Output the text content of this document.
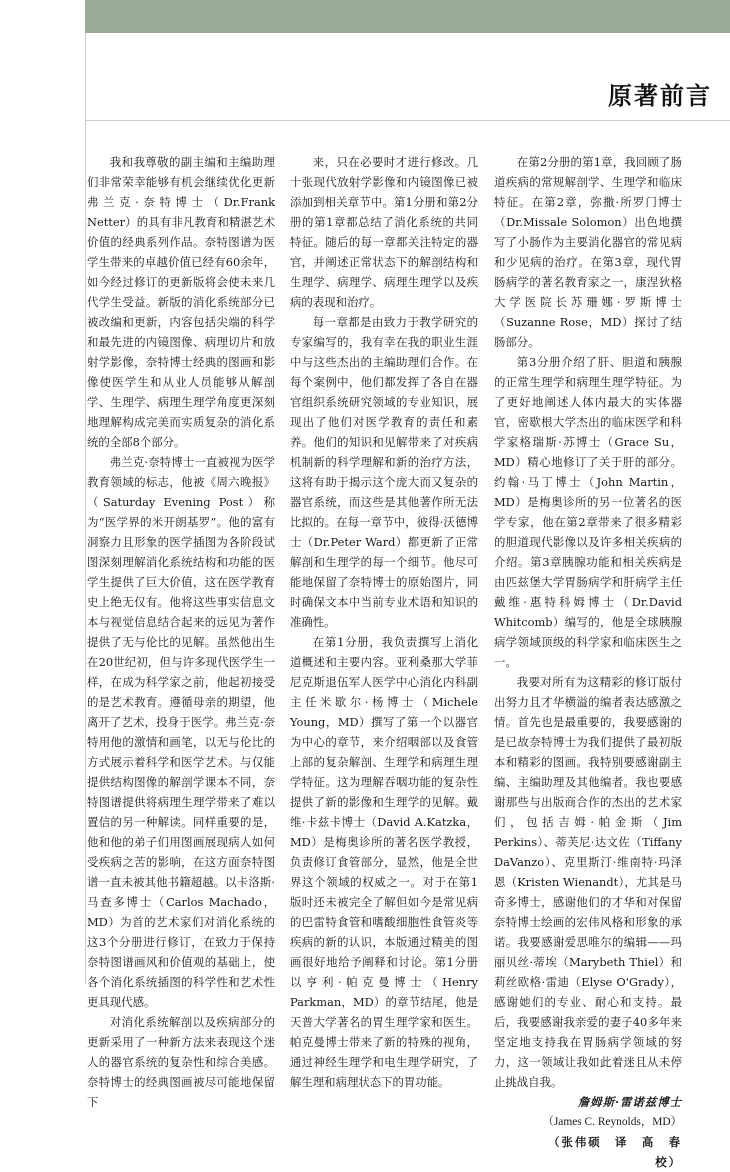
原著前言

我和我尊敬的副主编和主编助理们非常荣幸能够有机会继续优化更新弗兰克·奈特博士（Dr.Frank Netter）的具有非凡教育和精湛艺术价值的经典系列作品。奈特图谱为医学生带来的卓越价值已经有60余年，如今经过修订的更新版将会使未来几代学生受益。新版的消化系统部分已被改编和更新，内容包括尖端的科学和最先进的内镜图像、病理切片和放射学影像，奈特博士经典的图画和影像使医学生和从业人员能够从解剖学、生理学、病理生理学角度更深刻地理解构成完美而实质复杂的消化系统的全部8个部分。

弗兰克·奈特博士一直被视为医学教育领域的标志，他被《周六晚报》（Saturday Evening Post）称为“医学界的米开朗基罗”。他的富有洞察力且形象的医学插图为各阶段试图深刻理解消化系统结构和功能的医学生提供了巨大价值，这在医学教育史上绝无仅有。他将这些事实信息文本与视觉信息结合起来的远见为著作提供了无与伦比的见解。虽然他出生在20世纪初，但与许多现代医学生一样，在成为科学家之前，他起初接受的是艺术教育。遵循母亲的期望，他离开了艺术，投身于医学。弗兰克·奈特用他的激情和画笔，以无与伦比的方式展示着科学和医学艺术。与仅能提供结构图像的解剖学课本不同，奈特图谱提供将病理生理学带来了难以置信的另一种解读。同样重要的是，他和他的弟子们用图画展现病人如何受疾病之苦的影响，在这方面奈特图谱一直未被其他书籍超越。以卡洛斯·马查多博士（Carlos Machado，MD）为首的艺术家们对消化系统的这3个分册进行修订，在致力于保持奈特图谱画风和价值观的基础上，使各个消化系统插图的科学性和艺术性更具现代感。

对消化系统解剖以及疾病部分的更新采用了一种新方法来表现这个迷人的器官系统的复杂性和综合美感。奈特博士的经典图画被尽可能地保留下

来，只在必要时才进行修改。几十张现代放射学影像和内镜图像已被添加到相关章节中。第1分册和第2分册的第1章都总结了消化系统的共同特征。随后的每一章都关注特定的器官，并阐述正常状态下的解剖结构和生理学、病理学、病理生理学以及疾病的表现和治疗。

每一章都是由致力于教学研究的专家编写的，我有幸在我的职业生涯中与这些杰出的主编助理们合作。在每个案例中，他们都发挥了各自在器官组织系统研究领域的专业知识，展现出了他们对医学教育的责任和素养。他们的知识和见解带来了对疾病机制新的科学理解和新的治疗方法，这将有助于揭示这个庞大而又复杂的器官系统，而这些是其他著作所无法比拟的。在每一章节中，彼得·沃德博士（Dr.Peter Ward）都更新了正常解剖和生理学的每一个细节。他尽可能地保留了奈特博士的原始图片，同时确保文本中当前专业术语和知识的准确性。

在第1分册，我负责撰写上消化道概述和主要内容。亚利桑那大学菲尼克斯退伍军人医学中心消化内科副主任米歇尔·杨博士（Michele Young，MD）撰写了第一个以器官为中心的章节，来介绍咽部以及食管上部的复杂解剖、生理学和病理生理学特征。这为理解吞咽功能的复杂性提供了新的影像和生理学的见解。戴维·卡兹卡博士（David A.Katzka，MD）是梅奥诊所的著名医学教授，负责修订食管部分，显然，他是全世界这个领域的权威之一。对于在第1版时还未被完全了解但如今是常见病的巴雷特食管和嗜酸细胞性食管炎等疾病的新的认识，本版通过精美的图画很好地给予阐释和讨论。第1分册以亨利·帕克曼博士（Henry Parkman，MD）的章节结尾，他是天普大学著名的胃生理学家和医生。帕克曼博士带来了新的特殊的视角，通过神经生理学和电生理学研究，了解生理和病理状态下的胃功能。

在第2分册的第1章，我回顾了肠道疾病的常规解剖学、生理学和临床特征。在第2章，弥撒·所罗门博士（Dr.Missale Solomon）出色地撰写了小肠作为主要消化器官的常见病和少见病的治疗。在第3章，现代胃肠病学的著名教育家之一，康涅狄格大学医院长苏珊娜·罗斯博士（Suzanne Rose，MD）探讨了结肠部分。

第3分册介绍了肝、胆道和胰腺的正常生理学和病理生理学特征。为了更好地阐述人体内最大的实体器官，密歇根大学杰出的临床医学和科学家格瑞斯·苏博士（Grace Su，MD）精心地修订了关于肝的部分。约翰·马丁博士（John Martin，MD）是梅奥诊所的另一位著名的医学专家，他在第2章带来了很多精彩的胆道现代影像以及许多相关疾病的介绍。第3章胰腺功能和相关疾病是由匹兹堡大学胃肠病学和肝病学主任戴维·惠特科姆博士（Dr.David Whitcomb）编写的，他是全球胰腺病学领域顶级的科学家和临床医生之一。

我要对所有为这精彩的修订版付出努力且才华横溢的编者表达感激之情。首先也是最重要的，我要感谢的是已故奈特博士为我们提供了最初版本和精彩的图画。我特别要感谢副主编、主编助理及其他编者。我也要感谢那些与出版商合作的杰出的艺术家们，包括吉姆·帕金斯（Jim Perkins）、蒂芙尼·达文佐（Tiffany DaVanzo）、克里斯汀·维南特·玛泽恩（Kristen Wienandt），尤其是马奇多博士，感谢他们的才华和对保留奈特博士绘画的宏伟风格和形象的承诺。我要感谢爱思唯尔的编辑——玛丽贝丝·蒂埃（Marybeth Thiel）和莉丝欧格·雷迪（Elyse O'Grady），感谢她们的专业、耐心和支持。最后，我要感谢我亲爱的妻子40多年来坚定地支持我在胃肠病学领域的努力，这一领域让我如此着迷且从未停止挑战自我。

詹姆斯·雷诺兹博士

（James C. Reynolds，MD）

（张伟硕　译　高　春　校）
